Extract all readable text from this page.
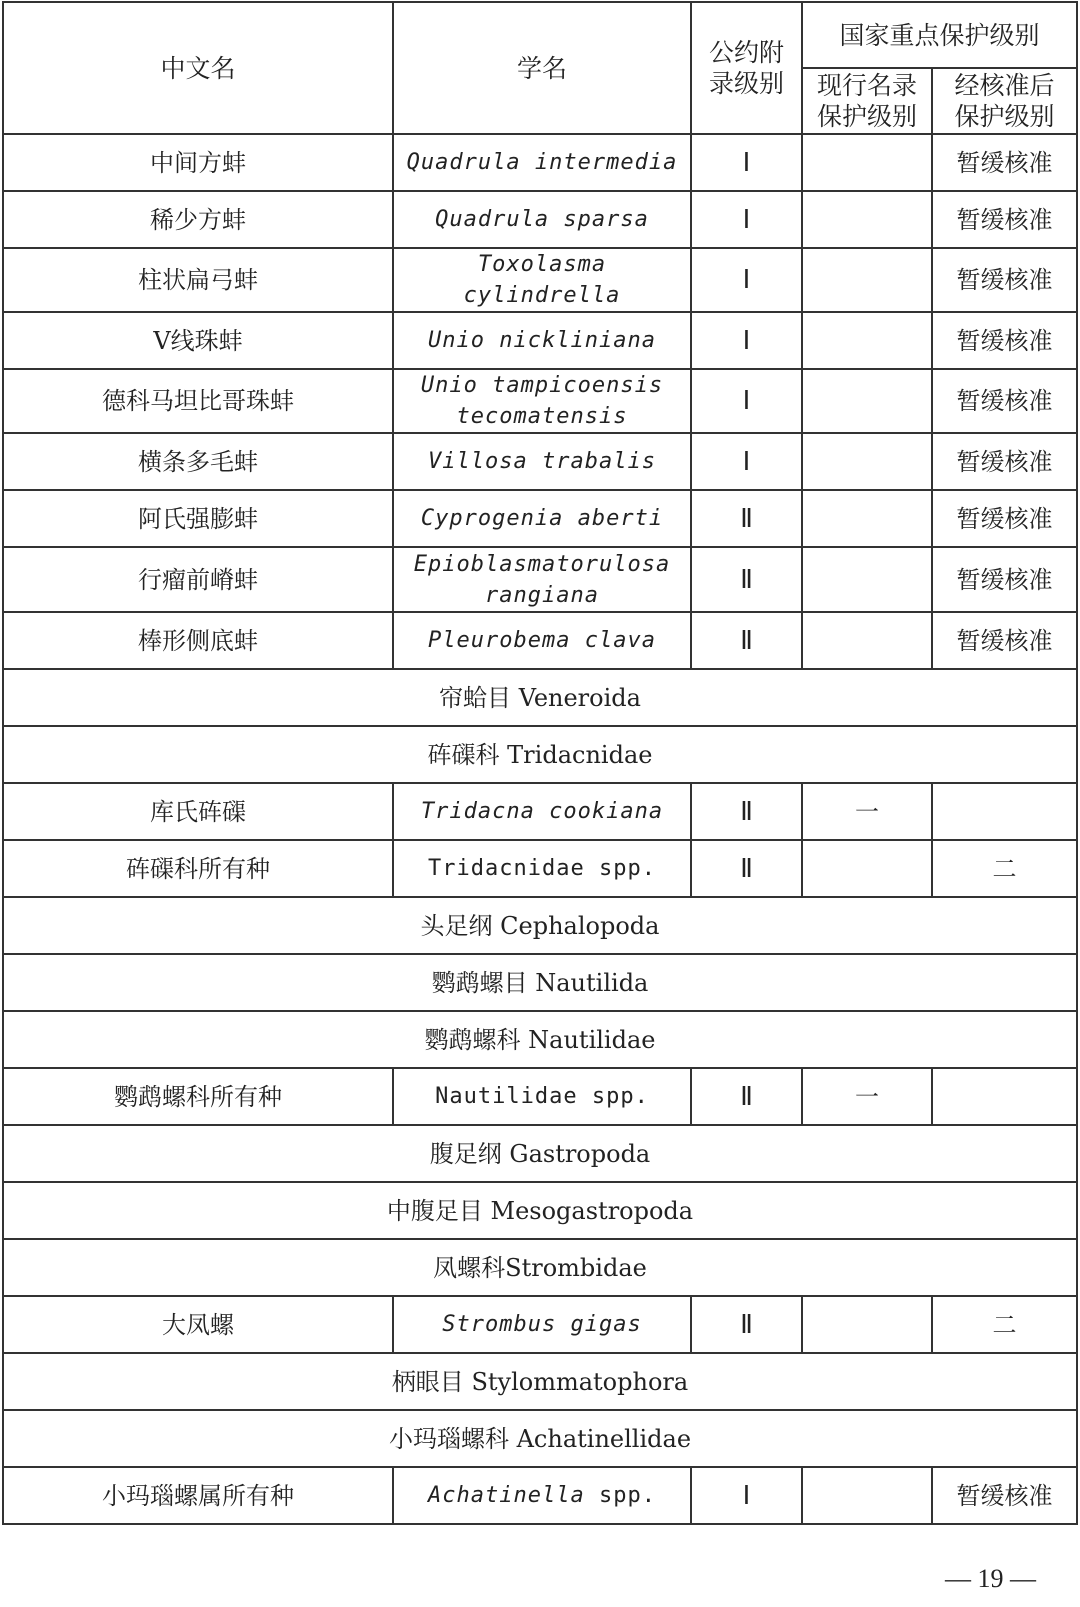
中文名	学名	公约附录级别	国家重点保护级别	
			现行名录保护级别	经核准后保护级别
中间方蚌	Quadrula intermedia	Ⅰ		暂缓核准
稀少方蚌	Quadrula sparsa	Ⅰ		暂缓核准
柱状扁弓蚌	Toxolasma cylindrella	Ⅰ		暂缓核准
Ⅴ线珠蚌	Unio nickliniana	Ⅰ		暂缓核准
德科马坦比哥珠蚌	Unio tampicoensis tecomatensis	Ⅰ		暂缓核准
横条多毛蚌	Villosa trabalis	Ⅰ		暂缓核准
阿氏强膨蚌	Cyprogenia aberti	Ⅱ		暂缓核准
行瘤前嵴蚌	Epioblasmatorulosa rangiana	Ⅱ		暂缓核准
棒形侧底蚌	Pleurobema clava	Ⅱ		暂缓核准
帘蛤目 Veneroida				
砗磲科 Tridacnidae				
库氏砗磲	Tridacna cookiana	Ⅱ	一	
砗磲科所有种	Tridacnidae spp.	Ⅱ		二
头足纲 Cephalopoda				
鹦鹉螺目 Nautilida				
鹦鹉螺科 Nautilidae				
鹦鹉螺科所有种	Nautilidae spp.	Ⅱ	一	
腹足纲 Gastropoda				
中腹足目 Mesogastropoda				
凤螺科Strombidae				
大凤螺	Strombus gigas	Ⅱ		二
柄眼目 Stylommatophora				
小玛瑙螺科 Achatinellidae				
小玛瑙螺属所有种	Achatinella spp.	Ⅰ		暂缓核准
— 19 —
